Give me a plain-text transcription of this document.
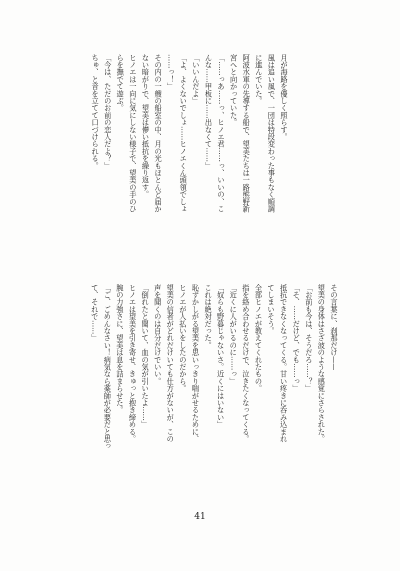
月が海路を優しく照らす。
風は追い風で、一団は特段変わった事もなく順調
に進んでいた。
阿波水軍の先導する船で、望美たちは一路熊野新
宮へと向かっていた。
「……っあ……っ、ヒノエ君……っ、いいの、こ
んな……甲板に……出なくて……」
「いいんだよ」
「よ、よくないでしょ……ヒノエくん頭領でしょ
……っ！」
その内の一艘の船室の中、月の光もほとんど届か
ない暗がりで、望美は儚い抵抗を繰り返す。
ヒノエは一向に気にしない様子で、望美の手のひ
らを撫でて遊ぶ。
「今は、ただのお前の恋人だよ？」
ちゅ、と音を立てて口づけられる。
その言葉に、刹那だけ——
望美の身体はさざ波のような感覚にさらされた。
「お前も今は、そうだろ……？」
「そ、……だけど、でも……っ」
抵抗できなくなってくる。甘い疼きに呑み込まれ
てしまいそう。
全部ヒノエが教えてくれたもの。
指を絡め合わせるだけで、泣きたくなってくる。
「近くに人がいるのに……っ」
「奴らも野暮じゃないさ。近くにはいない」
これは絶対だった。
恥ずかしがる望美を思いっきり喘がせるために、
ヒノエが人払いをしたのだから。
望美の信者がどれだけいても仕方がないが、この
声を聞くのは自分だけでいい。
「倒れたと聞いて、血の気が引いたよ……」
ヒノエは望美を引き寄せ、きゅっと抱き締める。
腕の力強さに、望美は息を詰まらせた。
「ご、ごめんなさい！病気なら薬師が必要だと思っ
て、それで……」
41
